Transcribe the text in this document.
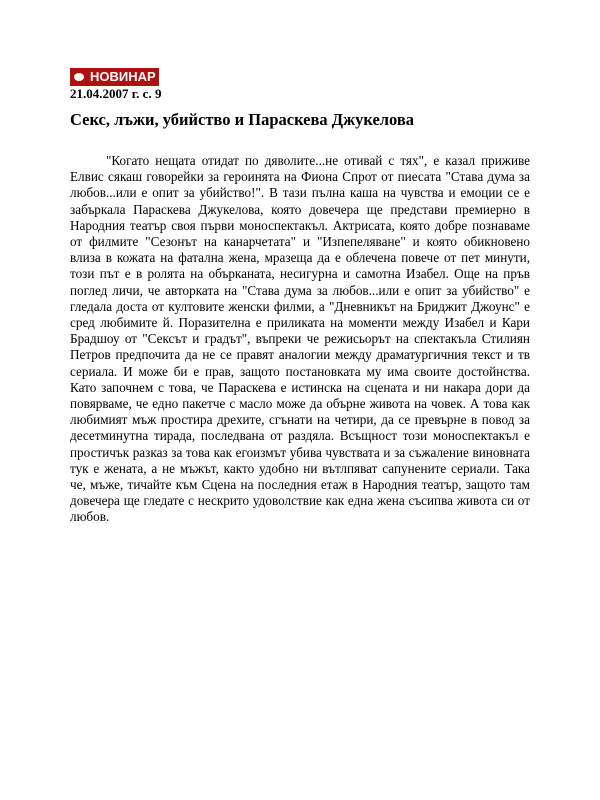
НОВИНАР
21.04.2007 г. с. 9
Секс, лъжи, убийство и Параскева Джукелова

"Когато нещата отидат по дяволите...не отивай с тях", е казал приживе Елвис сякаш говорейки за героинята на Фиона Спрот от пиесата "Става дума за любов...или е опит за убийство!". В тази пълна каша на чувства и емоции се е забъркала Параскева Джукелова, която довечера ще представи премиерно в Народния театър своя първи моноспектакъл. Актрисата, която добре познаваме от филмите "Сезонът на канарчетата" и "Изпепеляване" и която обикновено влиза в кожата на фатална жена, мразеща да е облечена повече от пет минути, този път е в ролята на обърканата, несигурна и самотна Изабел. Още на пръв поглед личи, че авторката на "Става дума за любов...или е опит за убийство" е гледала доста от култовите женски филми, а "Дневникът на Бриджит Джоунс" е сред любимите й. Поразителна е приликата на моменти между Изабел и Кари Брадшоу от "Сексът и градът", въпреки че режисьорът на спектакъла Стилиян Петров предпочита да не се правят аналогии между драматургичния текст и тв сериала. И може би е прав, защото постановката му има своите достойнства. Като започнем с това, че Параскева е истинска на сцената и ни накара дори да повярваме, че едно пакетче с масло може да обърне живота на човек. А това как любимият мъж простира дрехите, сгънати на четири, да се превърне в повод за десетминутна тирада, последвана от раздяла. Всъщност този моноспектакъл е простичък разказ за това как егоизмът убива чувствата и за съжаление виновната тук е жената, а не мъжът, както удобно ни вътлпяват сапунените сериали. Така че, мъже, тичайте към Сцена на последния етаж в Народния театър, защото там довечера ще гледате с нескрито удоволствие как една жена съсипва живота си от любов.
